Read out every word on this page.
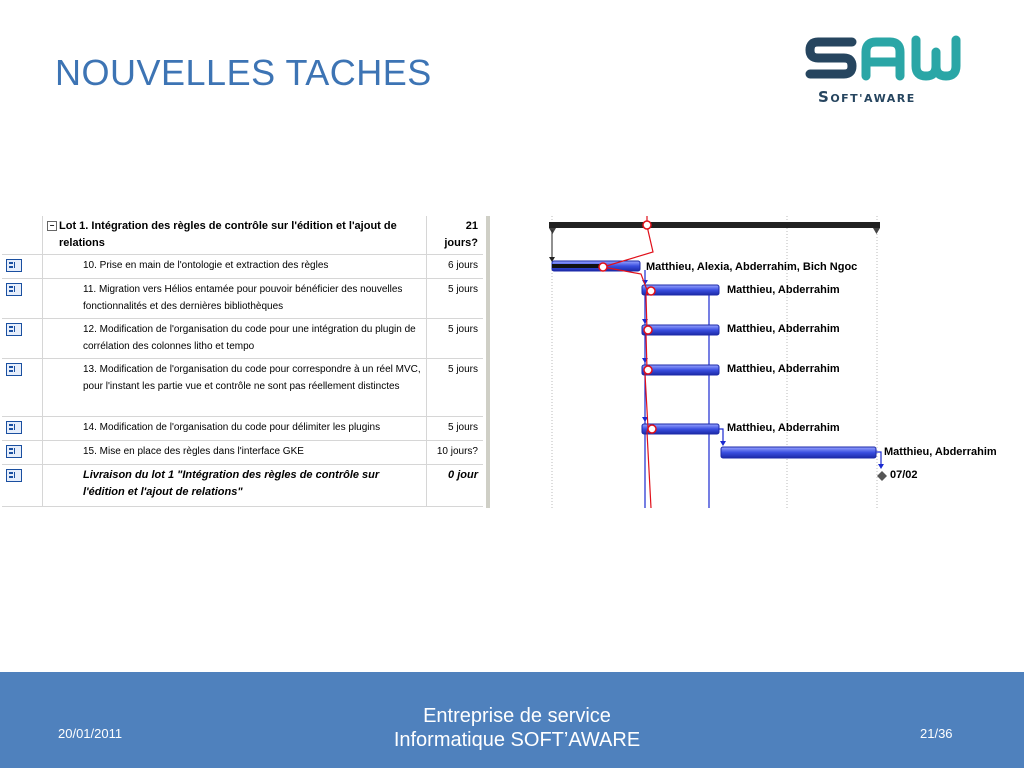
NOUVELLES TACHES
SOFT'AWARE
− Lot 1. Intégration des règles de contrôle sur l'édition et l'ajout de relations
21 jours?
10. Prise en main de l'ontologie et extraction des règles	6 jours
11. Migration vers Hélios entamée pour pouvoir bénéficier des nouvelles fonctionnalités et des dernières bibliothèques
5 jours
12. Modification de l'organisation du code pour une intégration du plugin de corrélation des colonnes litho et tempo
5 jours
13. Modification de l'organisation du code pour correspondre à un réel MVC, pour l'instant les partie vue et contrôle ne sont pas réellement distinctes
5 jours
14. Modification de l'organisation du code pour délimiter les plugins	5 jours
15. Mise en place des règles dans l'interface GKE	10 jours?
Livraison du lot 1 "Intégration des règles de contrôle sur l'édition et l'ajout de relations"
0 jour
Matthieu, Alexia, Abderrahim, Bich Ngoc
Matthieu, Abderrahim
Matthieu, Abderrahim
Matthieu, Abderrahim
Matthieu, Abderrahim
Matthieu, Abderrahim
07/02
20/01/2011
Entreprise de service
Informatique SOFT’AWARE	21/36
